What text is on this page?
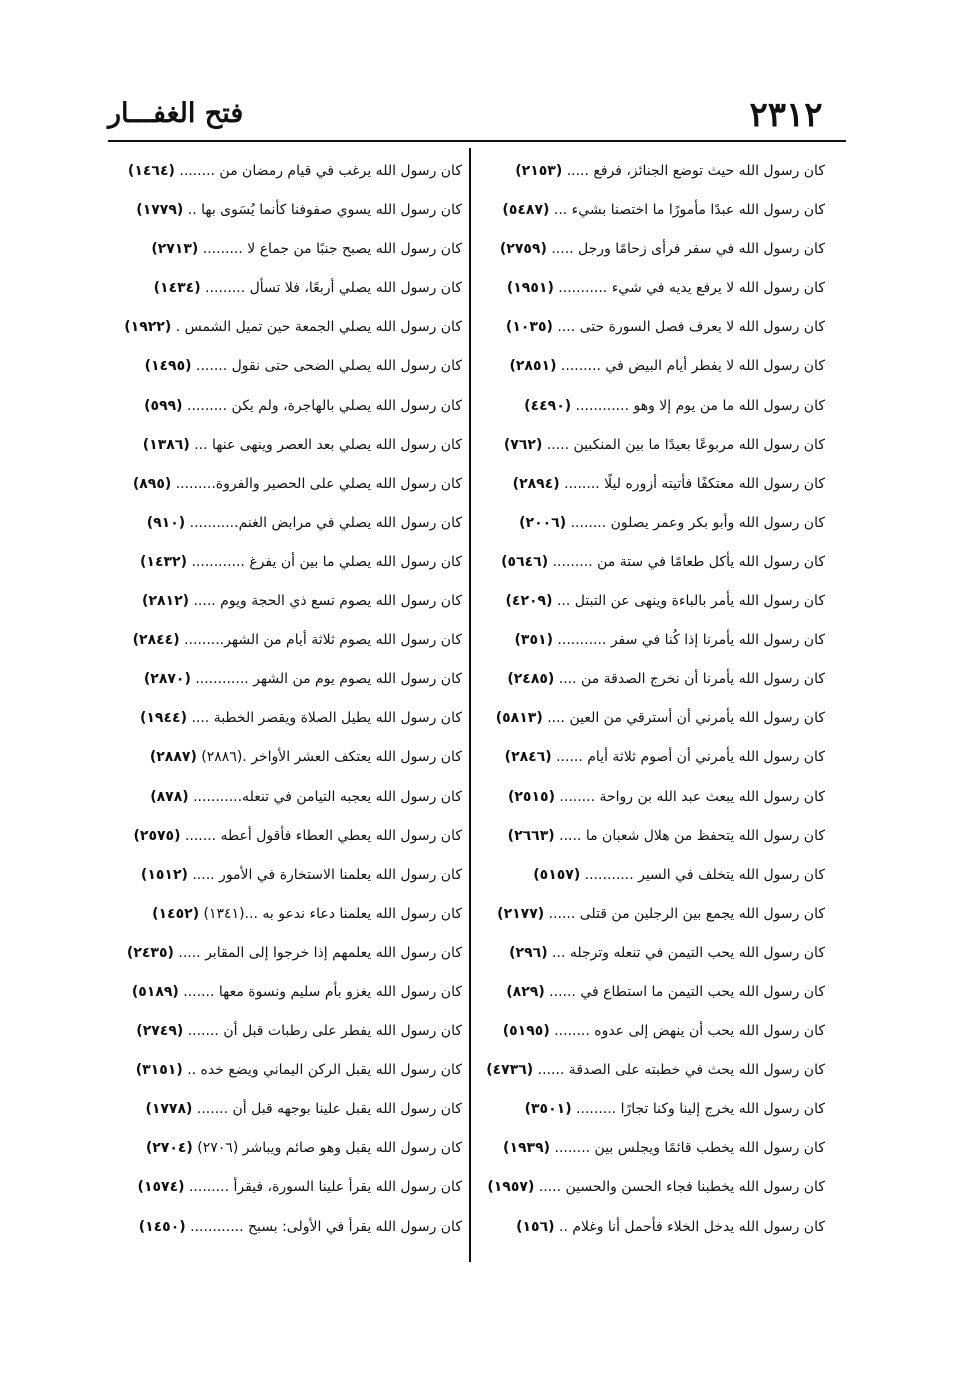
٢٣١٢
فتح الغفـــار
كان رسول الله حيث توضع الجنائز، فرفع ..... (٢١٥٣)
كان رسول الله عبدًا مأمورًا ما اختصنا بشيء ... (٥٤٨٧)
كان رسول الله في سفر فرأى زحامًا ورجل ..... (٢٧٥٩)
كان رسول الله لا يرفع يديه في شيء ........... (١٩٥١)
كان رسول الله لا يعرف فصل السورة حتى .... (١٠٣٥)
كان رسول الله لا يفطر أيام البيض في ......... (٢٨٥١)
كان رسول الله ما من يوم إلا وهو ............ (٤٤٩٠)
كان رسول الله مربوعًا بعيدًا ما بين المنكبين ..... (٧٦٢)
كان رسول الله معتكفًا فأتيته أزوره ليلًا ........ (٢٨٩٤)
كان رسول الله وأبو بكر وعمر يصلون ........ (٢٠٠٦)
كان رسول الله يأكل طعامًا في ستة من ......... (٥٦٤٦)
كان رسول الله يأمر بالباءة وينهى عن التبتل ... (٤٢٠٩)
كان رسول الله يأمرنا إذا كُنا في سفر ........... (٣٥١)
كان رسول الله يأمرنا أن نخرج الصدقة من .... (٢٤٨٥)
كان رسول الله يأمرني أن أسترقي من العين .... (٥٨١٣)
كان رسول الله يأمرني أن أصوم ثلاثة أيام ...... (٢٨٤٦)
كان رسول الله يبعث عبد الله بن رواحة ........ (٢٥١٥)
كان رسول الله يتحفظ من هلال شعبان ما ..... (٢٦٦٣)
كان رسول الله يتخلف في السير ........... (٥١٥٧)
كان رسول الله يجمع بين الرجلين من قتلى ...... (٢١٧٧)
كان رسول الله يحب التيمن في تنعله وترجله ... (٢٩٦)
كان رسول الله يحب التيمن ما استطاع في ...... (٨٢٩)
كان رسول الله يحب أن ينهض إلى عدوه ........ (٥١٩٥)
كان رسول الله يحث في خطبته على الصدقة ...... (٤٧٣٦)
كان رسول الله يخرج إلينا وكنا تجارًا ......... (٣٥٠١)
كان رسول الله يخطب قائمًا ويجلس بين ........ (١٩٣٩)
كان رسول الله يخطبنا فجاء الحسن والحسين ..... (١٩٥٧)
كان رسول الله يدخل الخلاء فأحمل أنا وغلام .. (١٥٦)
كان رسول الله يرغب في قيام رمضان من ........ (١٤٦٤)
كان رسول الله يسوي صفوفنا كأنما يُسَوى بها .. (١٧٧٩)
كان رسول الله يصبح جنبًا من جماع لا ......... (٢٧١٣)
كان رسول الله يصلي أربعًا، فلا تسأل ......... (١٤٣٤)
كان رسول الله يصلي الجمعة حين تميل الشمس . (١٩٢٢)
كان رسول الله يصلي الضحى حتى نقول ....... (١٤٩٥)
كان رسول الله يصلي بالهاجرة، ولم يكن ......... (٥٩٩)
كان رسول الله يصلي بعد العصر وينهى عنها ... (١٣٨٦)
كان رسول الله يصلي على الحصير والفروة......... (٨٩٥)
كان رسول الله يصلي في مرابض الغنم........... (٩١٠)
كان رسول الله يصلي ما بين أن يفرغ ............ (١٤٣٢)
كان رسول الله يصوم تسع ذي الحجة ويوم ..... (٢٨١٢)
كان رسول الله يصوم ثلاثة أيام من الشهر......... (٢٨٤٤)
كان رسول الله يصوم يوم من الشهر ............ (٢٨٧٠)
كان رسول الله يطيل الصلاة ويقصر الخطبة .... (١٩٤٤)
كان رسول الله يعتكف العشر الأواخر .(٢٨٨٦) (٢٨٨٧)
كان رسول الله يعجبه التيامن في تنعله........... (٨٧٨)
كان رسول الله يعطي العطاء فأقول أعطه ....... (٢٥٧٥)
كان رسول الله يعلمنا الاستخارة في الأمور ..... (١٥١٢)
كان رسول الله يعلمنا دعاء ندعو به ...(١٣٤١) (١٤٥٢)
كان رسول الله يعلمهم إذا خرجوا إلى المقابر ..... (٢٤٣٥)
كان رسول الله يغزو بأم سليم ونسوة معها ....... (٥١٨٩)
كان رسول الله يفطر على رطبات قبل أن ....... (٢٧٤٩)
كان رسول الله يقبل الركن اليماني ويضع خده .. (٣١٥١)
كان رسول الله يقبل علينا بوجهه قبل أن ....... (١٧٧٨)
كان رسول الله يقبل وهو صائم ويباشر (٢٧٠٦) (٢٧٠٤)
كان رسول الله يقرأ علينا السورة، فيقرأ ......... (١٥٧٤)
كان رسول الله يقرأ في الأولى: بسبح ............ (١٤٥٠)
